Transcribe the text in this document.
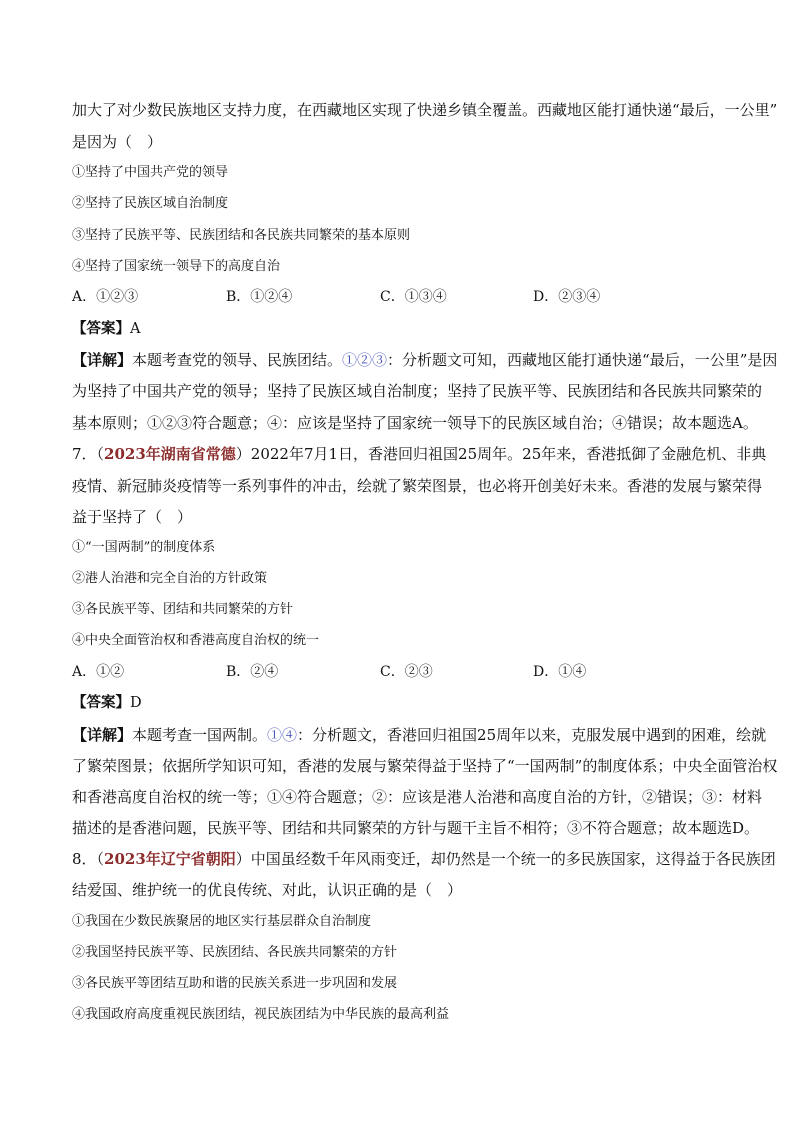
加大了对少数民族地区支持力度，在西藏地区实现了快递乡镇全覆盖。西藏地区能打通快递“最后，一公里”
是因为（　）
①坚持了中国共产党的领导
②坚持了民族区域自治制度
③坚持了民族平等、民族团结和各民族共同繁荣的基本原则
④坚持了国家统一领导下的高度自治
A．①②③	B．①②④	C．①③④	D．②③④
【答案】A
【详解】本题考查党的领导、民族团结。①②③：分析题文可知，西藏地区能打通快递“最后，一公里”是因
为坚持了中国共产党的领导；坚持了民族区域自治制度；坚持了民族平等、民族团结和各民族共同繁荣的
基本原则；①②③符合题意；④：应该是坚持了国家统一领导下的民族区域自治；④错误；故本题选A。
7．（2023年湖南省常德）2022年7月1日，香港回归祖国25周年。25年来，香港抵御了金融危机、非典
疫情、新冠肺炎疫情等一系列事件的冲击，绘就了繁荣图景，也必将开创美好未来。香港的发展与繁荣得
益于坚持了（　）
①“一国两制”的制度体系
②港人治港和完全自治的方针政策
③各民族平等、团结和共同繁荣的方针
④中央全面管治权和香港高度自治权的统一
A．①②	B．②④	C．②③	D．①④
【答案】D
【详解】本题考查一国两制。①④：分析题文，香港回归祖国25周年以来，克服发展中遇到的困难，绘就
了繁荣图景；依据所学知识可知，香港的发展与繁荣得益于坚持了“一国两制”的制度体系；中央全面管治权
和香港高度自治权的统一等；①④符合题意；②：应该是港人治港和高度自治的方针，②错误；③：材料
描述的是香港问题，民族平等、团结和共同繁荣的方针与题干主旨不相符；③不符合题意；故本题选D。
8．（2023年辽宁省朝阳）中国虽经数千年风雨变迁，却仍然是一个统一的多民族国家，这得益于各民族团
结爱国、维护统一的优良传统、对此，认识正确的是（　）
①我国在少数民族聚居的地区实行基层群众自治制度
②我国坚持民族平等、民族团结、各民族共同繁荣的方针
③各民族平等团结互助和谐的民族关系进一步巩固和发展
④我国政府高度重视民族团结，视民族团结为中华民族的最高利益
